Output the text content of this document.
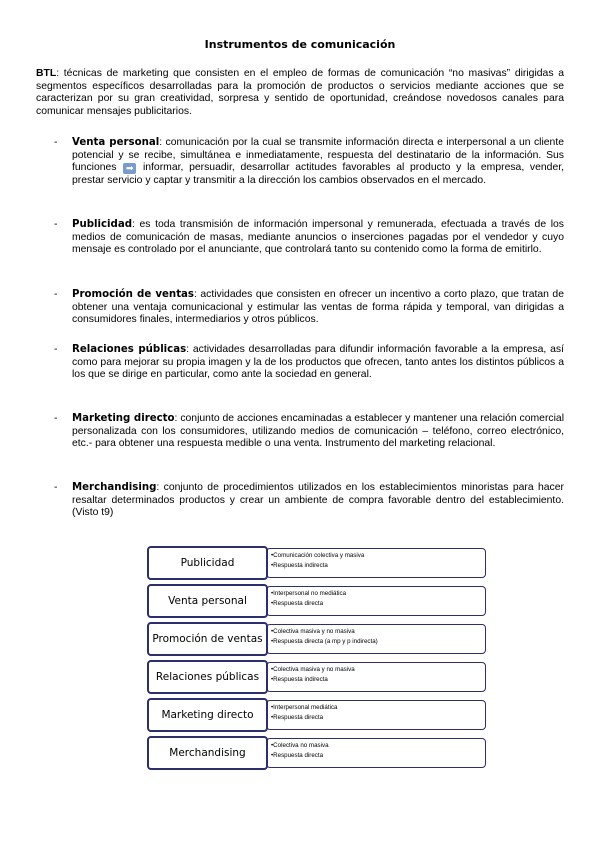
Instrumentos de comunicación

BTL: técnicas de marketing que consisten en el empleo de formas de comunicación “no masivas” dirigidas a segmentos específicos desarrolladas para la promoción de productos o servicios mediante acciones que se caracterizan por su gran creatividad, sorpresa y sentido de oportunidad, creándose novedosos canales para comunicar mensajes publicitarios.

- Venta personal: comunicación por la cual se transmite información directa e interpersonal a un cliente potencial y se recibe, simultánea e inmediatamente, respuesta del destinatario de la información. Sus funciones ➡ informar, persuadir, desarrollar actitudes favorables al producto y la empresa, vender, prestar servicio y captar y transmitir a la dirección los cambios observados en el mercado.

- Publicidad: es toda transmisión de información impersonal y remunerada, efectuada a través de los medios de comunicación de masas, mediante anuncios o inserciones pagadas por el vendedor y cuyo mensaje es controlado por el anunciante, que controlará tanto su contenido como la forma de emitirlo.

- Promoción de ventas: actividades que consisten en ofrecer un incentivo a corto plazo, que tratan de obtener una ventaja comunicacional y estimular las ventas de forma rápida y temporal, van dirigidas a consumidores finales, intermediarios y otros públicos.

- Relaciones públicas: actividades desarrolladas para difundir información favorable a la empresa, así como para mejorar su propia imagen y la de los productos que ofrecen, tanto antes los distintos públicos a los que se dirige en particular, como ante la sociedad en general.

- Marketing directo: conjunto de acciones encaminadas a establecer y mantener una relación comercial personalizada con los consumidores, utilizando medios de comunicación – teléfono, correo electrónico, etc.- para obtener una respuesta medible o una venta. Instrumento del marketing relacional.

- Merchandising: conjunto de procedimientos utilizados en los establecimientos minoristas para hacer resaltar determinados productos y crear un ambiente de compra favorable dentro del establecimiento. (Visto t9)

•Comunicación colectiva y masiva
•Respuesta indirecta
Publicidad
•Interpersonal no mediática
•Respuesta directa
Venta personal
•Colectiva masiva y no masiva
•Respuesta directa (a mp y p indirecta)
Promoción de ventas
•Colectiva masiva y no masiva
•Respuesta indirecta
Relaciones públicas
•Interpersonal mediática
•Respuesta directa
Marketing directo
•Colectiva no masiva
•Respuesta directa
Merchandising
